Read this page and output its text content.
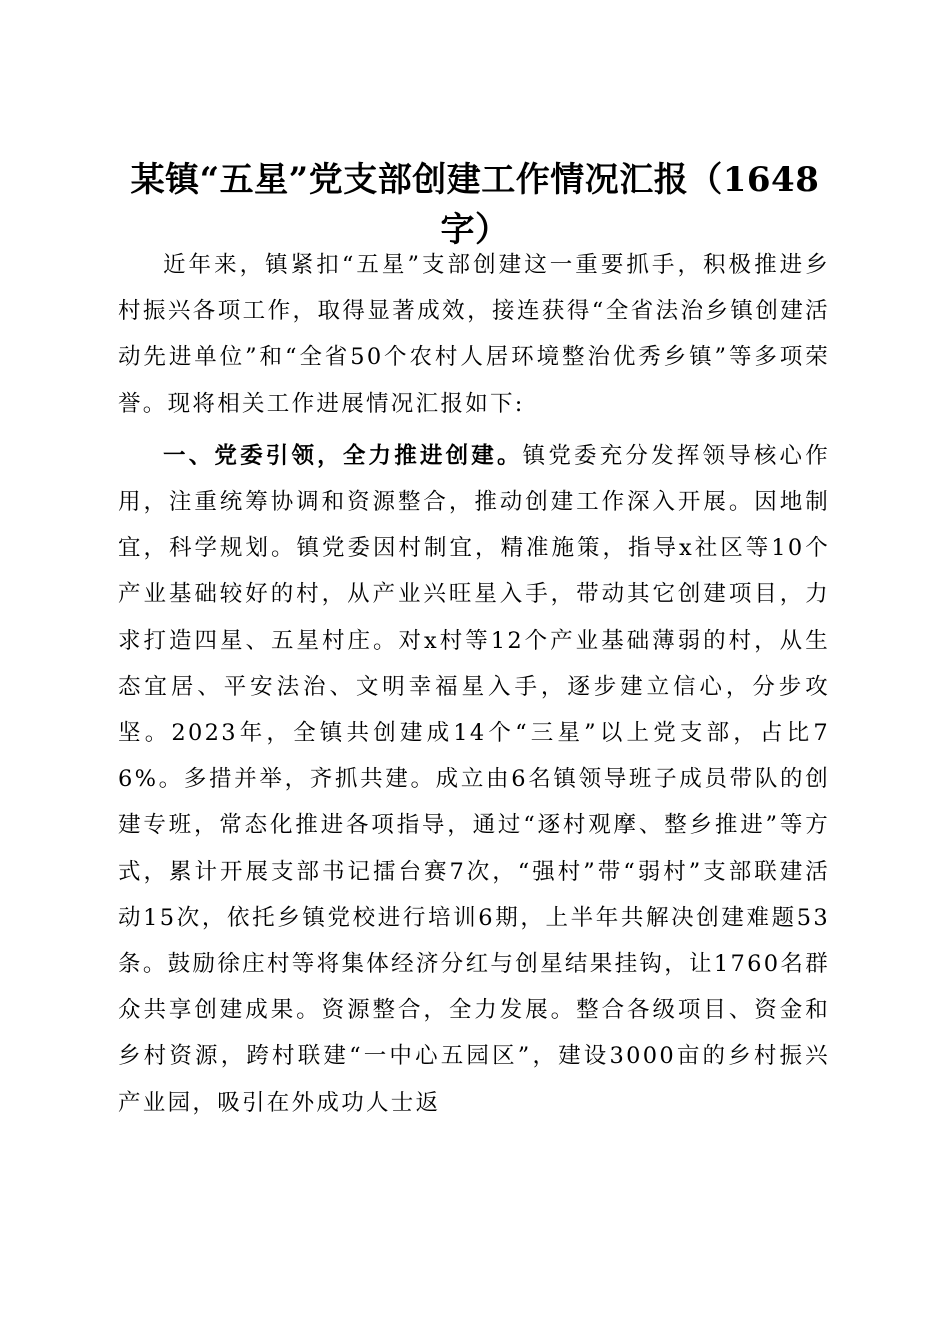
某镇“五星”党支部创建工作情况汇报（1648字）

近年来，镇紧扣“五星”支部创建这一重要抓手，积极推进乡村振兴各项工作，取得显著成效，接连获得“全省法治乡镇创建活动先进单位”和“全省50个农村人居环境整治优秀乡镇”等多项荣誉。现将相关工作进展情况汇报如下:

一、党委引领，全力推进创建。镇党委充分发挥领导核心作用，注重统筹协调和资源整合，推动创建工作深入开展。因地制宜，科学规划。镇党委因村制宜，精准施策，指导x社区等10个产业基础较好的村，从产业兴旺星入手，带动其它创建项目，力求打造四星、五星村庄。对x村等12个产业基础薄弱的村，从生态宜居、平安法治、文明幸福星入手，逐步建立信心，分步攻坚。2023年，全镇共创建成14个“三星”以上党支部，占比76%。多措并举，齐抓共建。成立由6名镇领导班子成员带队的创建专班，常态化推进各项指导，通过“逐村观摩、整乡推进”等方式，累计开展支部书记擂台赛7次，“强村”带“弱村”支部联建活动15次，依托乡镇党校进行培训6期，上半年共解决创建难题53条。鼓励徐庄村等将集体经济分红与创星结果挂钩，让1760名群众共享创建成果。资源整合，全力发展。整合各级项目、资金和乡村资源，跨村联建“一中心五园区”，建设3000亩的乡村振兴产业园，吸引在外成功人士返
